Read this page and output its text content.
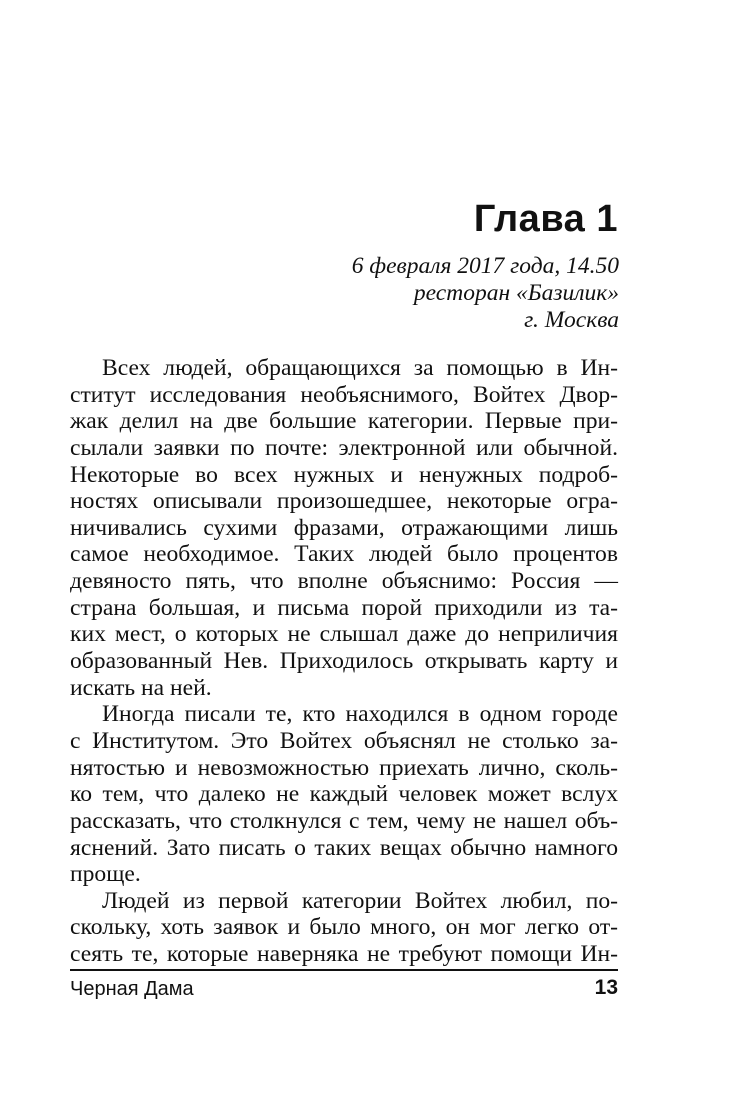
Глава 1
6 февраля 2017 года, 14.50
ресторан «Базилик»
г. Москва
Всех людей, обращающихся за помощью в Ин-
ститут исследования необъяснимого, Войтех Двор-
жак делил на две большие категории. Первые при-
сылали заявки по почте: электронной или обычной.
Некоторые во всех нужных и ненужных подроб-
ностях описывали произошедшее, некоторые огра-
ничивались сухими фразами, отражающими лишь
самое необходимое. Таких людей было процентов
девяносто пять, что вполне объяснимо: Россия —
страна большая, и письма порой приходили из та-
ких мест, о которых не слышал даже до неприличия
образованный Нев. Приходилось открывать карту и
искать на ней.
Иногда писали те, кто находился в одном городе
с Институтом. Это Войтех объяснял не столько за-
нятостью и невозможностью приехать лично, сколь-
ко тем, что далеко не каждый человек может вслух
рассказать, что столкнулся с тем, чему не нашел объ-
яснений. Зато писать о таких вещах обычно намного
проще.
Людей из первой категории Войтех любил, по-
скольку, хоть заявок и было много, он мог легко от-
сеять те, которые наверняка не требуют помощи Ин-
Черная Дама	13
